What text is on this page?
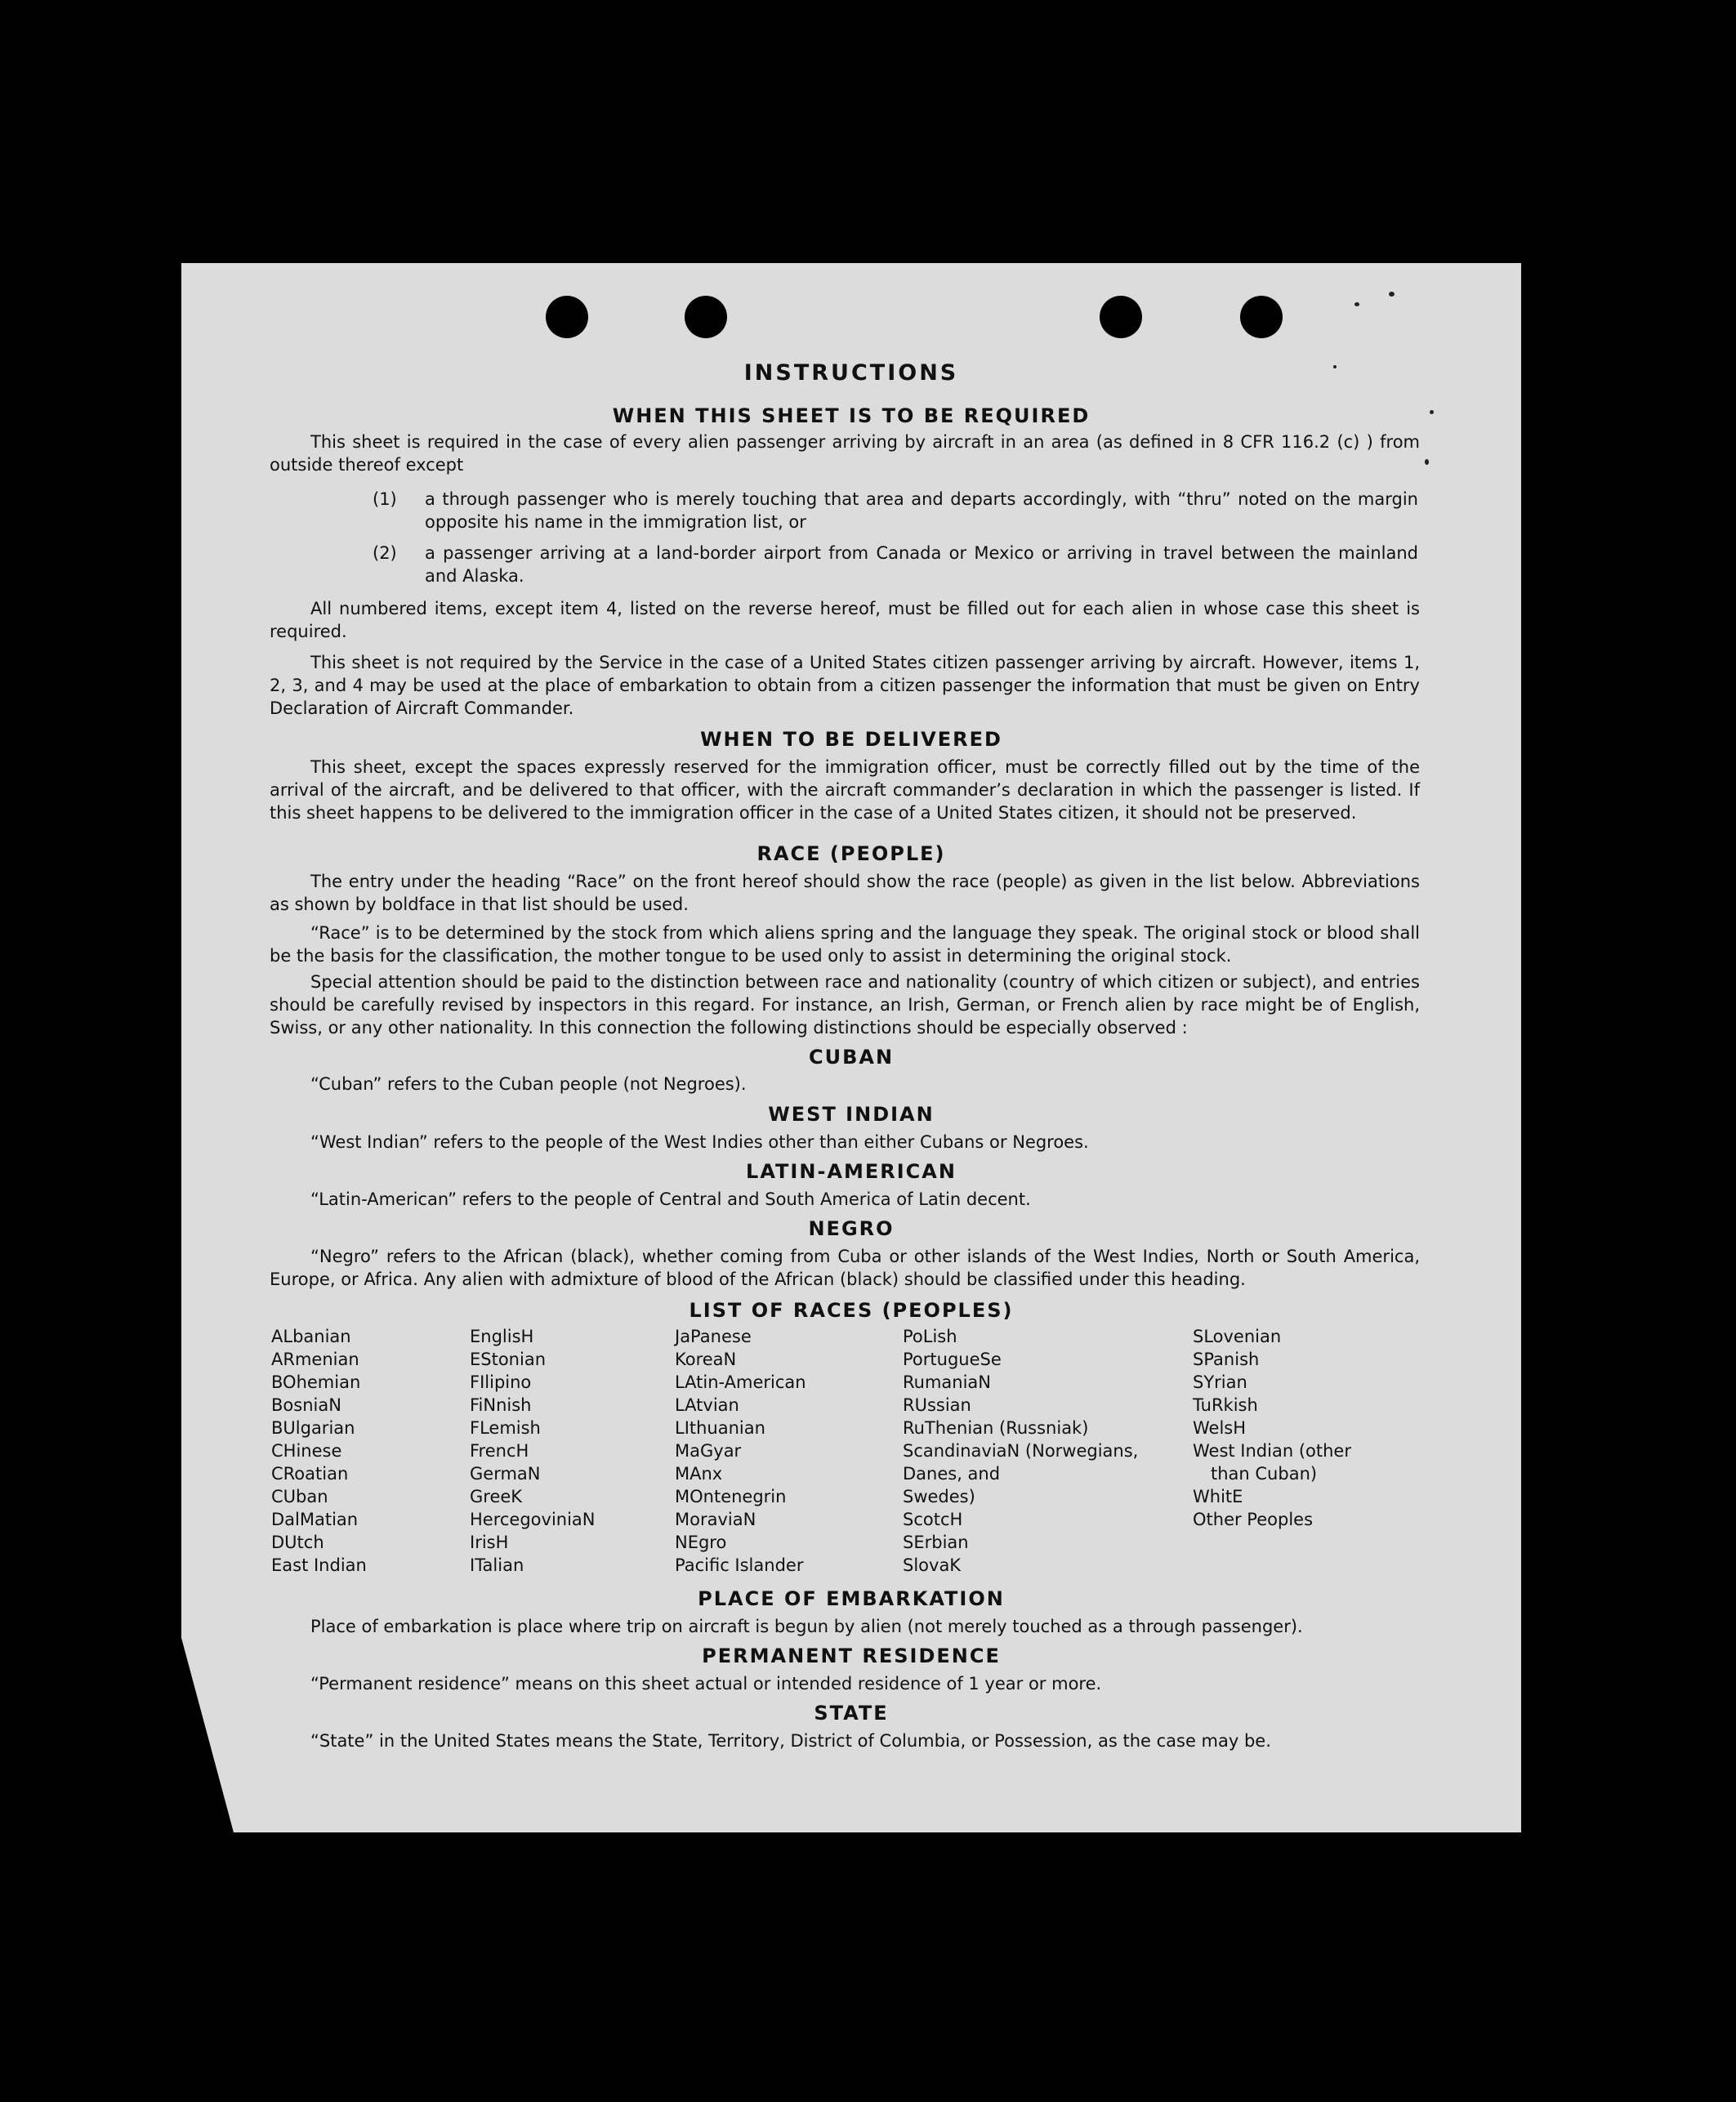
INSTRUCTIONS
WHEN THIS SHEET IS TO BE REQUIRED

This sheet is required in the case of every alien passenger arriving by aircraft in an area (as defined in 8 CFR 116.2 (c) ) from outside thereof except

(1) a through passenger who is merely touching that area and departs accordingly, with “thru” noted on the margin opposite his name in the immigration list, or
(2) a passenger arriving at a land-border airport from Canada or Mexico or arriving in travel between the mainland and Alaska.

All numbered items, except item 4, listed on the reverse hereof, must be filled out for each alien in whose case this sheet is required.

This sheet is not required by the Service in the case of a United States citizen passenger arriving by aircraft. However, items 1, 2, 3, and 4 may be used at the place of embarkation to obtain from a citizen passenger the information that must be given on Entry Declaration of Aircraft Commander.

WHEN TO BE DELIVERED

This sheet, except the spaces expressly reserved for the immigration officer, must be correctly filled out by the time of the arrival of the aircraft, and be delivered to that officer, with the aircraft commander’s declaration in which the passenger is listed. If this sheet happens to be delivered to the immigration officer in the case of a United States citizen, it should not be preserved.

RACE (PEOPLE)

The entry under the heading “Race” on the front hereof should show the race (people) as given in the list below. Abbreviations as shown by boldface in that list should be used.

“Race” is to be determined by the stock from which aliens spring and the language they speak. The original stock or blood shall be the basis for the classification, the mother tongue to be used only to assist in determining the original stock.

Special attention should be paid to the distinction between race and nationality (country of which citizen or subject), and entries should be carefully revised by inspectors in this regard. For instance, an Irish, German, or French alien by race might be of English, Swiss, or any other nationality. In this connection the following distinctions should be especially observed :

CUBAN

“Cuban” refers to the Cuban people (not Negroes).

WEST INDIAN

“West Indian” refers to the people of the West Indies other than either Cubans or Negroes.

LATIN-AMERICAN

“Latin-American” refers to the people of Central and South America of Latin decent.

NEGRO

“Negro” refers to the African (black), whether coming from Cuba or other islands of the West Indies, North or South America, Europe, or Africa. Any alien with admixture of blood of the African (black) should be classified under this heading.

LIST OF RACES (PEOPLES)
ALbanian
ARmenian
BOhemian
BosniaN
BUlgarian
CHinese
CRoatian
CUban
DalMatian
DUtch
East Indian
EnglisH
EStonian
FIlipino
FiNnish
FLemish
FrencH
GermaN
GreeK
HercegoviniaN
IrisH
ITalian
JaPanese
KoreaN
LAtin-American
LAtvian
LIthuanian
MaGyar
MAnx
MOntenegrin
MoraviaN
NEgro
Pacific Islander
PoLish
PortugueSe
RumaniaN
RUssian
RuThenian (Russniak)
ScandinaviaN (Norwegians,
Danes, and
Swedes)
ScotcH
SErbian
SlovaK
SLovenian
SPanish
SYrian
TuRkish
WelsH
West Indian (other
than Cuban)
WhitE
Other Peoples
PLACE OF EMBARKATION

Place of embarkation is place where trip on aircraft is begun by alien (not merely touched as a through passenger).

PERMANENT RESIDENCE

“Permanent residence” means on this sheet actual or intended residence of 1 year or more.

STATE

“State” in the United States means the State, Territory, District of Columbia, or Possession, as the case may be.
